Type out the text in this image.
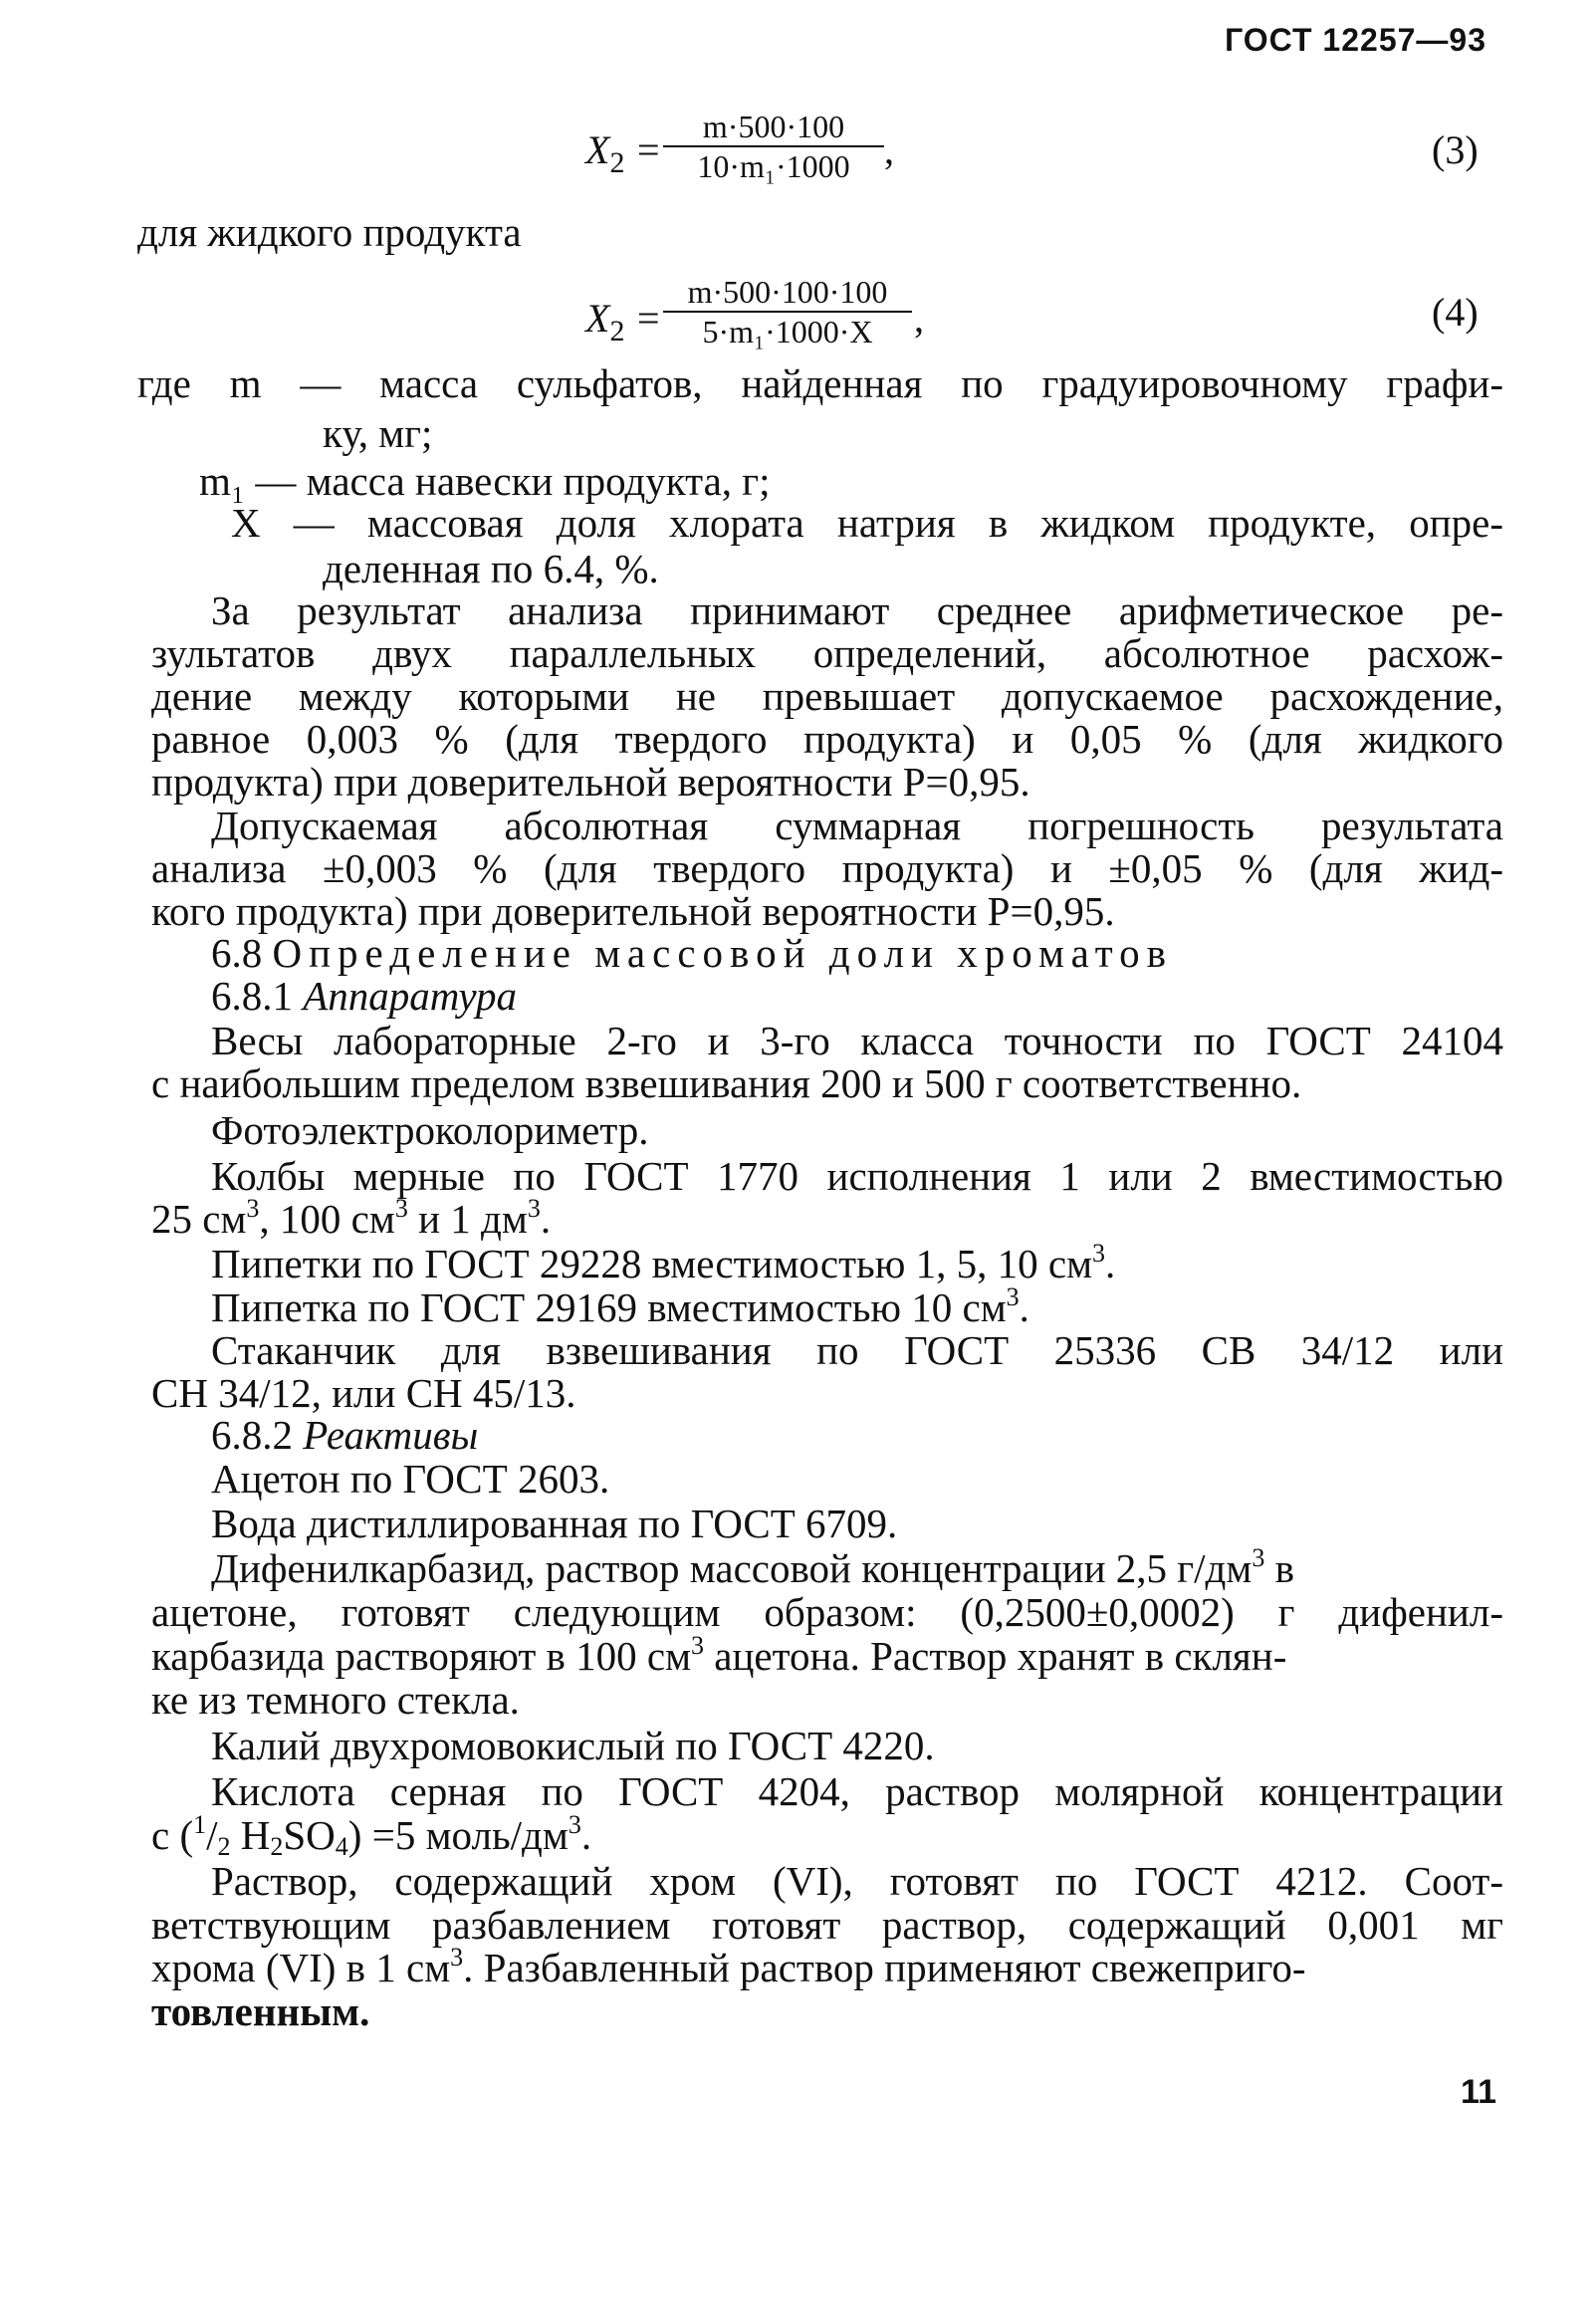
ГОСТ 12257—93
$X_2$ =
m·500·100
10·m₁·1000 ,	(3)
для жидкого продукта
$X_2$ =
m·500·100·100
5·m₁·1000·X	,	(4)
где m — масса сульфатов, найденная по градуировочному графи-
ку, мг;
m₁ — масса навески продукта, г;
X — массовая доля хлората натрия в жидком продукте, опре-
деленная по 6.4, %.
За результат анализа принимают среднее арифметическое ре-
зультатов двух параллельных определений, абсолютное расхож-
дение между которыми не превышает допускаемое расхождение,
равное 0,003 % (для твердого продукта) и 0,05 % (для жидкого
продукта) при доверительной вероятности P=0,95.
Допускаемая абсолютная суммарная погрешность результата
анализа ±0,003 % (для твердого продукта) и ±0,05 % (для жид-
кого продукта) при доверительной вероятности P=0,95.
6.8 Определение массовой доли хроматов
6.8.1 Аппаратура
Весы лабораторные 2-го и 3-го класса точности по ГОСТ 24104
с наибольшим пределом взвешивания 200 и 500 г соответственно.
Фотоэлектроколориметр.
Колбы мерные по ГОСТ 1770 исполнения 1 или 2 вместимостью
25 $см^3$, 100 $см^3$ и 1 $дм^3$.
Пипетки по ГОСТ 29228 вместимостью 1, 5, 10 $см^3$.
Пипетка по ГОСТ 29169 вместимостью 10 $см^3$.
Стаканчик для взвешивания по ГОСТ 25336 СВ 34/12 или
СН 34/12, или СН 45/13.
6.8.2 Реактивы
Ацетон по ГОСТ 2603.
Вода дистиллированная по ГОСТ 6709.
Дифенилкарбазид, раствор массовой концентрации 2,5 $г/дм^3$ в
ацетоне, готовят следующим образом: (0,2500±0,0002) г дифенил-
карбазида растворяют в 100 $см^3$ ацетона. Раствор хранят в склян-
ке из темного стекла.
Калий двухромовокислый по ГОСТ 4220.
Кислота серная по ГОСТ 4204, раствор молярной концентрации
с ($^1/_2$ $H_2SO_4) =5$ моль/$дм^3$.
Раствор, содержащий хром (VI), готовят по ГОСТ 4212. Соот-
ветствующим разбавлением готовят раствор, содержащий 0,001 мг
хрома (VI) в 1 $см^3$. Разбавленный раствор применяют свежеприго-
товленным.
11
